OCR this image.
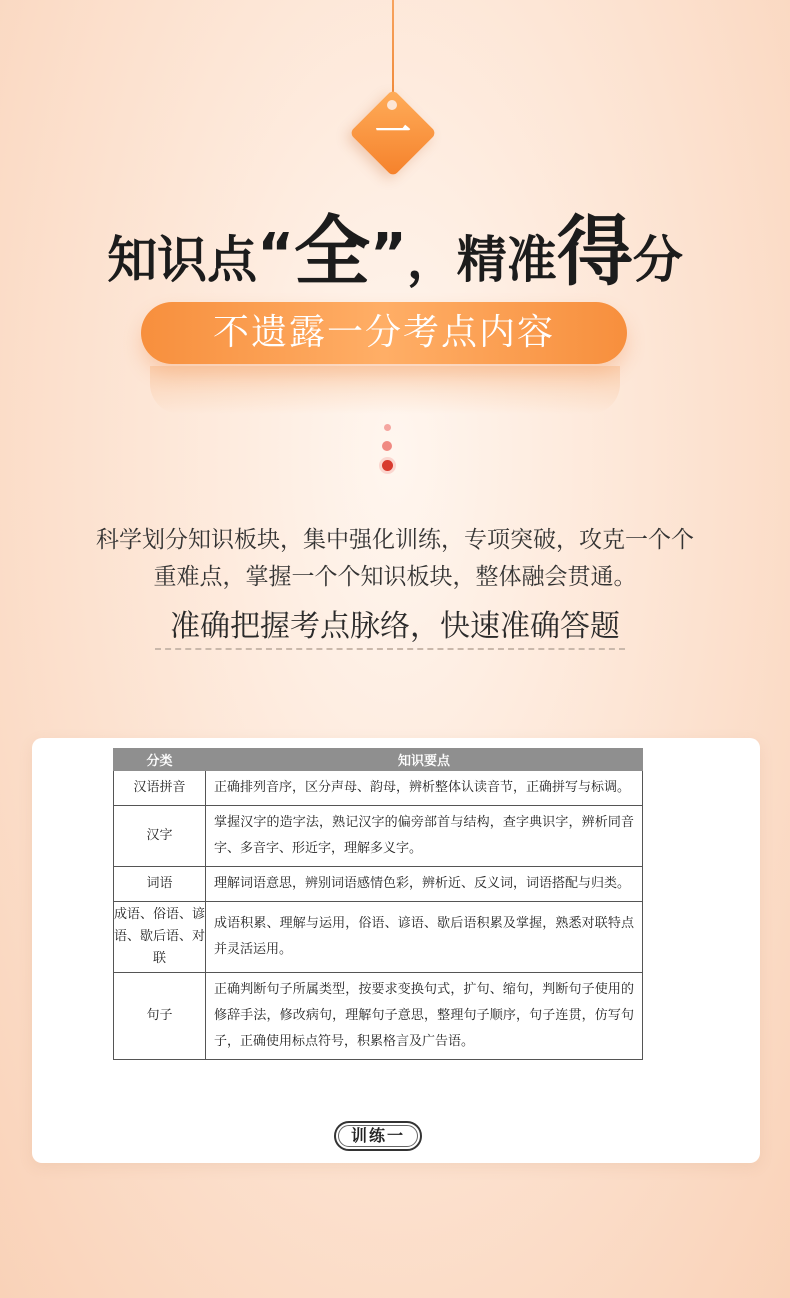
一
知识点 “ 全 ” ，精准 得 分
不遗露一分考点内容
科学划分知识板块，集中强化训练，专项突破，攻克一个个
重难点，掌握一个个知识板块，整体融会贯通。
准确把握考点脉络，快速准确答题
分类	知识要点
汉语拼音	正确排列音序，区分声母、韵母，辨析整体认读音节，正确拼写与标调。
汉字	掌握汉字的造字法，熟记汉字的偏旁部首与结构，查字典识字，辨析同音字、多音字、形近字，理解多义字。
词语	理解词语意思，辨别词语感情色彩，辨析近、反义词，词语搭配与归类。
成语、俗语、谚语、歇后语、对联	成语积累、理解与运用，俗语、谚语、歇后语积累及掌握，熟悉对联特点并灵活运用。
句子	正确判断句子所属类型，按要求变换句式，扩句、缩句，判断句子使用的修辞手法，修改病句，理解句子意思，整理句子顺序，句子连贯，仿写句子，正确使用标点符号，积累格言及广告语。
训练一
